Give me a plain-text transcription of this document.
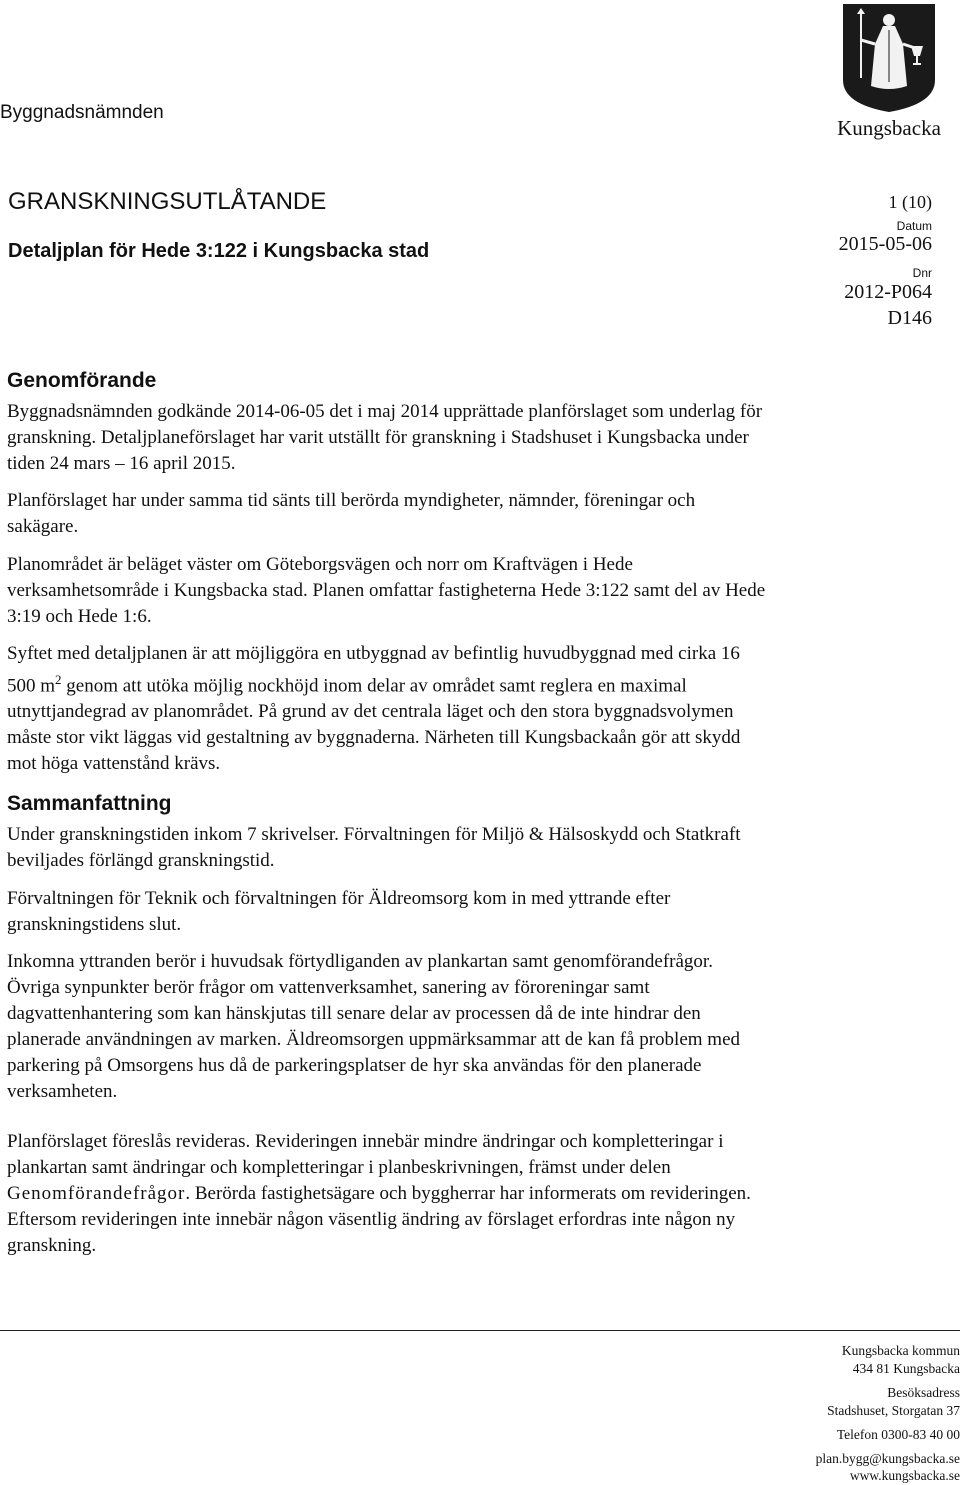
Byggnadsnämnden
Kungsbacka
GRANSKNINGSUTLÅTANDE
Detaljplan för Hede 3:122 i Kungsbacka stad
1 (10)
Datum
2015-05-06
Dnr
2012-P064
D146
Genomförande

Byggnadsnämnden godkände 2014-06-05 det i maj 2014 upprättade planförslaget som underlag för granskning. Detaljplaneförslaget har varit utställt för granskning i Stadshuset i Kungsbacka under tiden 24 mars – 16 april 2015.

Planförslaget har under samma tid sänts till berörda myndigheter, nämnder, föreningar och sakägare.

Planområdet är beläget väster om Göteborgsvägen och norr om Kraftvägen i Hede verksamhetsområde i Kungsbacka stad. Planen omfattar fastigheterna Hede 3:122 samt del av Hede 3:19 och Hede 1:6.

Syftet med detaljplanen är att möjliggöra en utbyggnad av befintlig huvudbyggnad med cirka 16 500 $m^2$ genom att utöka möjlig nockhöjd inom delar av området samt reglera en maximal utnyttjandegrad av planområdet. På grund av det centrala läget och den stora byggnadsvolymen måste stor vikt läggas vid gestaltning av byggnaderna. Närheten till Kungsbackaån gör att skydd mot höga vattenstånd krävs.

Sammanfattning

Under granskningstiden inkom 7 skrivelser. Förvaltningen för Miljö & Hälsoskydd och Statkraft beviljades förlängd granskningstid.

Förvaltningen för Teknik och förvaltningen för Äldreomsorg kom in med yttrande efter granskningstidens slut.

Inkomna yttranden berör i huvudsak förtydliganden av plankartan samt genomförandefrågor. Övriga synpunkter berör frågor om vattenverksamhet, sanering av föroreningar samt dagvattenhantering som kan hänskjutas till senare delar av processen då de inte hindrar den planerade användningen av marken. Äldreomsorgen uppmärksammar att de kan få problem med parkering på Omsorgens hus då de parkeringsplatser de hyr ska användas för den planerade verksamheten.

Planförslaget föreslås revideras. Revideringen innebär mindre ändringar och kompletteringar i plankartan samt ändringar och kompletteringar i planbeskrivningen, främst under delen Genomförandefrågor. Berörda fastighetsägare och byggherrar har informerats om revideringen. Eftersom revideringen inte innebär någon väsentlig ändring av förslaget erfordras inte någon ny granskning.

Kungsbacka kommun
434 81 Kungsbacka
Besöksadress
Stadshuset, Storgatan 37
Telefon 0300-83 40 00
plan.bygg@kungsbacka.se
www.kungsbacka.se
